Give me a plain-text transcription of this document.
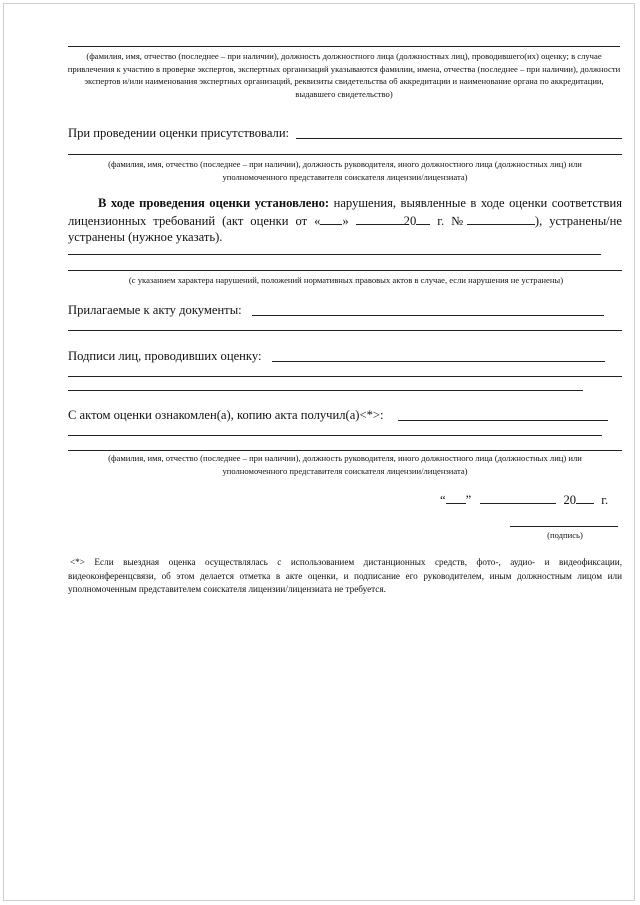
(фамилия, имя, отчество (последнее – при наличии), должность должностного лица (должностных лиц), проводившего(их) оценку; в случае привлечения к участию в проверке экспертов, экспертных организаций указываются фамилии, имена, отчества (последнее – при наличии), должности экспертов и/или наименования экспертных организаций, реквизиты свидетельства об аккредитации и наименование органа по аккредитации, выдавшего свидетельство)
При проведении оценки присутствовали:
(фамилия, имя, отчество (последнее – при наличии), должность руководителя, иного должностного лица (должностных лиц) или уполномоченного представителя соискателя лицензии/лицензиата)
В ходе проведения оценки установлено: нарушения, выявленные в ходе оценки соответствия лицензионных требований (акт оценки от « »	20 г. №	), устранены/не устранены (нужное указать).
(с указанием характера нарушений, положений нормативных правовых актов в случае, если нарушения не устранены)
Прилагаемые к акту документы:
Подписи лиц, проводивших оценку:
С актом оценки ознакомлен(а), копию акта получил(а)<*>:
(фамилия, имя, отчество (последнее – при наличии), должность руководителя, иного должностного лица (должностных лиц) или уполномоченного представителя соискателя лицензии/лицензиата)
“ ”	20 г.
(подпись)
<*> Если выездная оценка осуществлялась с использованием дистанционных средств, фото-, аудио- и видеофиксации, видеоконференцсвязи, об этом делается отметка в акте оценки, и подписание его руководителем, иным должностным лицом или уполномоченным представителем соискателя лицензии/лицензиата не требуется.
